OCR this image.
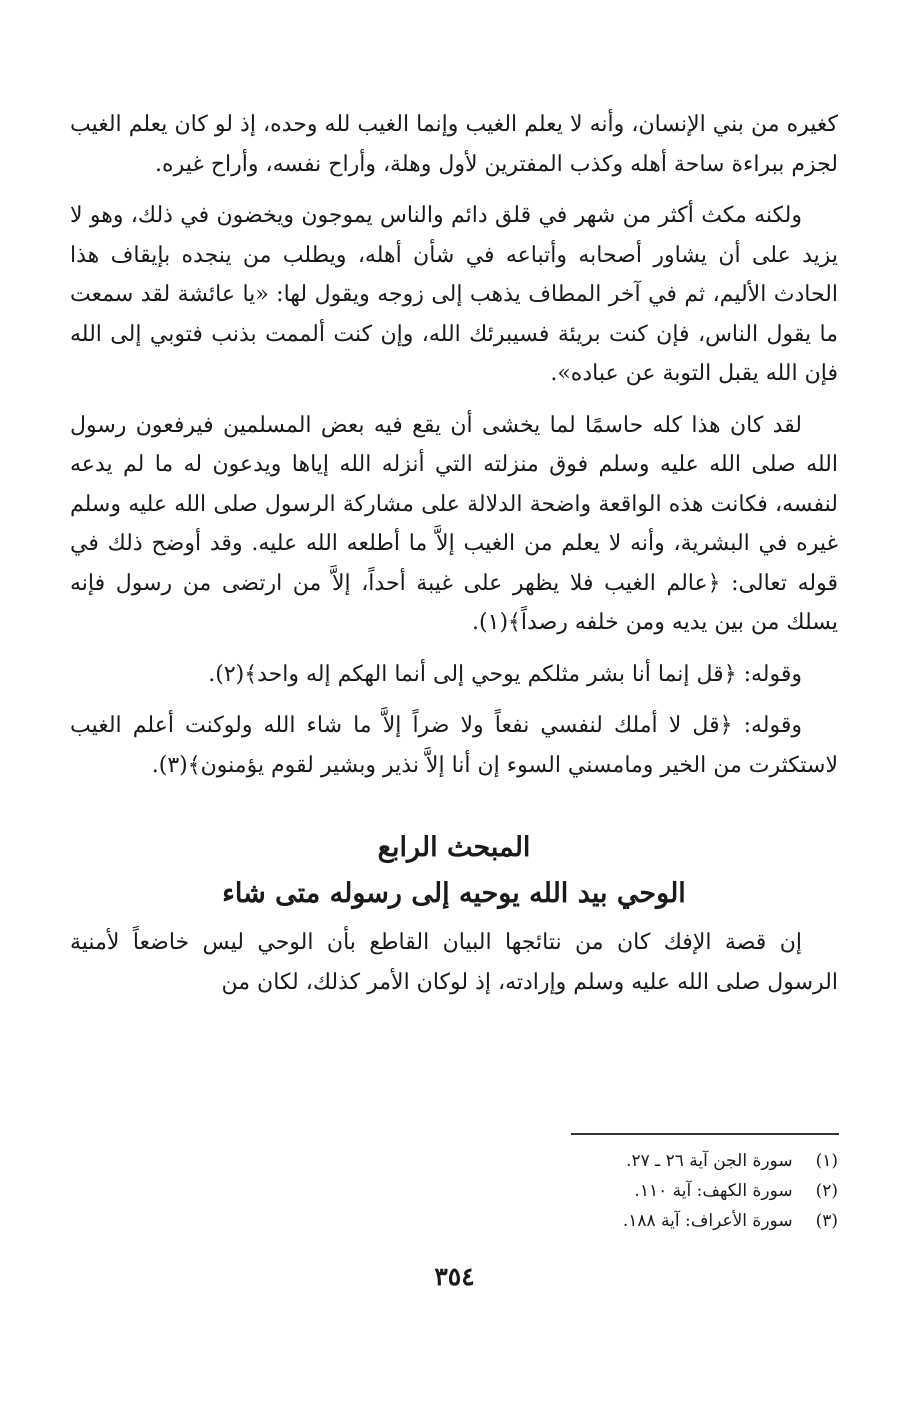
كغيره من بني الإنسان، وأنه لا يعلم الغيب وإنما الغيب لله وحده، إذ لو كان يعلم الغيب لجزم ببراءة ساحة أهله وكذب المفترين لأول وهلة، وأراح نفسه، وأراح غيره.

ولكنه مكث أكثر من شهر في قلق دائم والناس يموجون ويخضون في ذلك، وهو لا يزيد على أن يشاور أصحابه وأتباعه في شأن أهله، ويطلب من ينجده بإيقاف هذا الحادث الأليم، ثم في آخر المطاف يذهب إلى زوجه ويقول لها: «يا عائشة لقد سمعت ما يقول الناس، فإن كنت بريئة فسيبرئك الله، وإن كنت ألممت بذنب فتوبي إلى الله فإن الله يقبل التوبة عن عباده».

لقد كان هذا كله حاسمًا لما يخشى أن يقع فيه بعض المسلمين فيرفعون رسول الله صلى الله عليه وسلم فوق منزلته التي أنزله الله إياها ويدعون له ما لم يدعه لنفسه، فكانت هذه الواقعة واضحة الدلالة على مشاركة الرسول صلى الله عليه وسلم غيره في البشرية، وأنه لا يعلم من الغيب إلاَّ ما أطلعه الله عليه. وقد أوضح ذلك في قوله تعالى: ﴿عالم الغيب فلا يظهر على غيبة أحداً، إلاَّ من ارتضى من رسول فإنه يسلك من بين يديه ومن خلفه رصداً﴾(١).

وقوله: ﴿قل إنما أنا بشر مثلكم يوحي إلى أنما الهكم إله واحد﴾(٢).

وقوله: ﴿قل لا أملك لنفسي نفعاً ولا ضراً إلاَّ ما شاء الله ولوكنت أعلم الغيب لاستكثرت من الخير ومامسني السوء إن أنا إلاَّ نذير وبشير لقوم يؤمنون﴾(٣).

المبحث الرابع
الوحي بيد الله يوحيه إلى رسوله متى شاء

إن قصة الإفك كان من نتائجها البيان القاطع بأن الوحي ليس خاضعاً لأمنية الرسول صلى الله عليه وسلم وإرادته، إذ لوكان الأمر كذلك، لكان من

(١) سورة الجن آية ٢٦ ـ ٢٧.
(٢) سورة الكهف: آية ١١٠.
(٣) سورة الأعراف: آية ١٨٨.
٣٥٤
